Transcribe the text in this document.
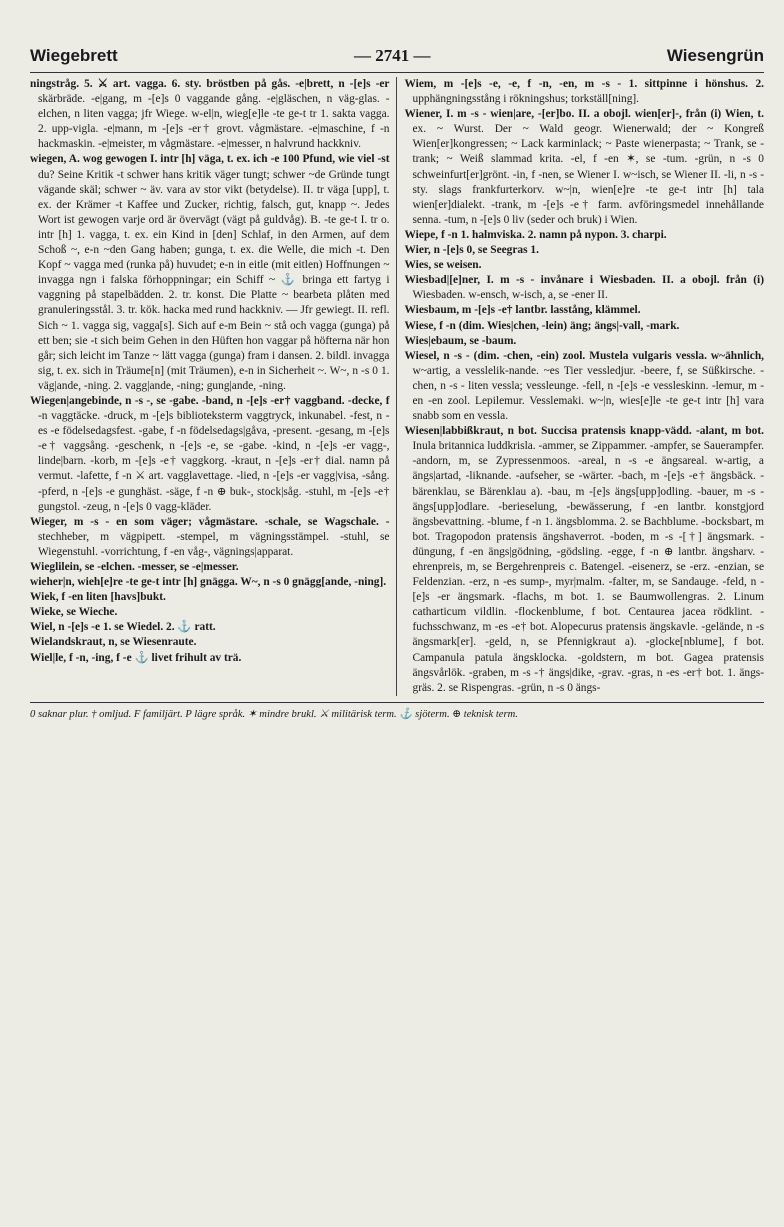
Wiegebrett	— 2741 —	Wiesengrün

ningstråg. 5. ⚔ art. vagga. 6. sty. bröstben på gås. -e|brett, n -[e]s -er skärbräde. -e|gang, m -[e]s 0 vaggande gång. -e|gläschen, n väg-glas. -elchen, n liten vagga; jfr Wiege. w-el|n, wieg[e]le -te ge-t tr 1. sakta vagga. 2. upp-vigla. -e|mann, m -[e]s -er† grovt. vågmästare. -e|maschine, f -n hackmaskin. -e|meister, m vågmästare. -e|messer, n halvrund hackkniv.

wiegen, A. wog gewogen I. intr [h] väga, t. ex. ich -e 100 Pfund, wie viel -st du? Seine Kritik -t schwer hans kritik väger tungt; schwer ~de Gründe tungt vägande skäl; schwer ~ äv. vara av stor vikt (betydelse). II. tr väga [upp], t. ex. der Krämer -t Kaffee und Zucker, richtig, falsch, gut, knapp ~. Jedes Wort ist gewogen varje ord är övervägt (vägt på guldvåg). B. -te ge-t I. tr o. intr [h] 1. vagga, t. ex. ein Kind in [den] Schlaf, in den Armen, auf dem Schoß ~, e-n ~den Gang haben; gunga, t. ex. die Welle, die mich -t. Den Kopf ~ vagga med (runka på) huvudet; e-n in eitle (mit eitlen) Hoffnungen ~ invagga ngn i falska förhoppningar; ein Schiff ~ ⚓ bringa ett fartyg i vaggning på stapelbädden. 2. tr. konst. Die Platte ~ bearbeta plåten med granuleringsstål. 3. tr. kök. hacka med rund hackkniv. — Jfr gewiegt. II. refl. Sich ~ 1. vagga sig, vagga[s]. Sich auf e-m Bein ~ stå och vagga (gunga) på ett ben; sie -t sich beim Gehen in den Hüften hon vaggar på höfterna när hon går; sich leicht im Tanze ~ lätt vagga (gunga) fram i dansen. 2. bildl. invagga sig, t. ex. sich in Träume[n] (mit Träumen), e-n in Sicherheit ~. W~, n -s 0 1. väg|ande, -ning. 2. vagg|ande, -ning; gung|ande, -ning.

Wiegen|angebinde, n -s -, se -gabe. -band, n -[e]s -er† vaggband. -decke, f -n vaggtäcke. -druck, m -[e]s biblioteksterm vaggtryck, inkunabel. -fest, n -es -e födelsedagsfest. -gabe, f -n födelsedags|gåva, -present. -gesang, m -[e]s -e† vaggsång. -geschenk, n -[e]s -e, se -gabe. -kind, n -[e]s -er vagg-, linde|barn. -korb, m -[e]s -e† vaggkorg. -kraut, n -[e]s -er† dial. namn på vermut. -lafette, f -n ⚔ art. vagglavettage. -lied, n -[e]s -er vagg|visa, -sång. -pferd, n -[e]s -e gunghäst. -säge, f -n ⊕ buk-, stock|såg. -stuhl, m -[e]s -e† gungstol. -zeug, n -[e]s 0 vagg-kläder.

Wieger, m -s - en som väger; vågmästare. -schale, se Wagschale. -stechheber, m vägpipett. -stempel, m vägningsstämpel. -stuhl, se Wiegenstuhl. -vorrichtung, f -en våg-, vägnings|apparat.

Wieglilein, se -elchen. -messer, se -e|messer.

wieher|n, wieh[e]re -te ge-t intr [h] gnägga. W~, n -s 0 gnägg[ande, -ning].

Wiek, f -en liten [havs]bukt.

Wieke, se Wieche.

Wiel, n -[e]s -e 1. se Wiedel. 2. ⚓ ratt.

Wielandskraut, n, se Wiesenraute.

Wiel|le, f -n, -ing, f -e ⚓ livet frihult av trä.

Wiem, m -[e]s -e, -e, f -n, -en, m -s - 1. sittpinne i hönshus. 2. upphängningsstång i rökningshus; torkställ[ning].

Wiener, I. m -s - wien|are, -[er]bo. II. a obojl. wien[er]-, från (i) Wien, t. ex. ~ Wurst. Der ~ Wald geogr. Wienerwald; der ~ Kongreß Wien[er]kongressen; ~ Lack karminlack; ~ Paste wienerpasta; ~ Trank, se -trank; ~ Weiß slammad krita. -el, f -en ✶, se -tum. -grün, n -s 0 schweinfurt[er]grönt. -in, f -nen, se Wiener I. w~isch, se Wiener II. -li, n -s - sty. slags frankfurterkorv. w~|n, wien[e]re -te ge-t intr [h] tala wien[er]dialekt. -trank, m -[e]s -e† farm. avföringsmedel innehållande senna. -tum, n -[e]s 0 liv (seder och bruk) i Wien.

Wiepe, f -n 1. halmviska. 2. namn på nypon. 3. charpi.

Wier, n -[e]s 0, se Seegras 1.

Wies, se weisen.

Wiesbad|[e]ner, I. m -s - invånare i Wiesbaden. II. a obojl. från (i) Wiesbaden. w-ensch, w-isch, a, se -ener II.

Wiesbaum, m -[e]s -e† lantbr. lasstång, klämmel.

Wiese, f -n (dim. Wies|chen, -lein) äng; ängs|-vall, -mark.

Wies|ebaum, se -baum.

Wiesel, n -s - (dim. -chen, -ein) zool. Mustela vulgaris vessla. w~ähnlich, w~artig, a vesslelik-nande. ~es Tier vessledjur. -beere, f, se Süßkirsche. -chen, n -s - liten vessla; vessleunge. -fell, n -[e]s -e vessleskinn. -lemur, m -en -en zool. Lepilemur. Vesslemaki. w~|n, wies[e]le -te ge-t intr [h] vara snabb som en vessla.

Wiesen|labbißkraut, n bot. Succisa pratensis knapp-vädd. -alant, m bot. Inula britannica luddkrisla. -ammer, se Zippammer. -ampfer, se Sauerampfer. -andorn, m, se Zypressenmoos. -areal, n -s -e ängsareal. w-artig, a ängs|artad, -liknande. -aufseher, se -wärter. -bach, m -[e]s -e† ängsbäck. -bärenklau, se Bärenklau a). -bau, m -[e]s ängs[upp]odling. -bauer, m -s - ängs[upp]odlare. -berieselung, -bewässerung, f -en lantbr. konstgjord ängsbevattning. -blume, f -n 1. ängsblomma. 2. se Bachblume. -bocksbart, m bot. Tragopodon pratensis ängshaverrot. -boden, m -s -[†] ängsmark. -düngung, f -en ängs|gödning, -gödsling. -egge, f -n ⊕ lantbr. ängsharv. -ehrenpreis, m, se Bergehrenpreis c. Batengel. -eisenerz, se -erz. -enzian, se Feldenzian. -erz, n -es sump-, myr|malm. -falter, m, se Sandauge. -feld, n -[e]s -er ängsmark. -flachs, m bot. 1. se Baumwollengras. 2. Linum catharticum vildlin. -flockenblume, f bot. Centaurea jacea rödklint. -fuchsschwanz, m -es -e† bot. Alopecurus pratensis ängskavle. -gelände, n -s ängsmark[er]. -geld, n, se Pfennigkraut a). -glocke[nblume], f bot. Campanula patula ängsklocka. -goldstern, m bot. Gagea pratensis ängsvårlök. -graben, m -s -† ängs|dike, -grav. -gras, n -es -er† bot. 1. ängs-gräs. 2. se Rispengras. -grün, n -s 0 ängs-

0 saknar plur. † omljud. F familjärt. P lägre språk. ✶ mindre brukl. ⚔ militärisk term. ⚓ sjöterm. ⊕ teknisk term.
